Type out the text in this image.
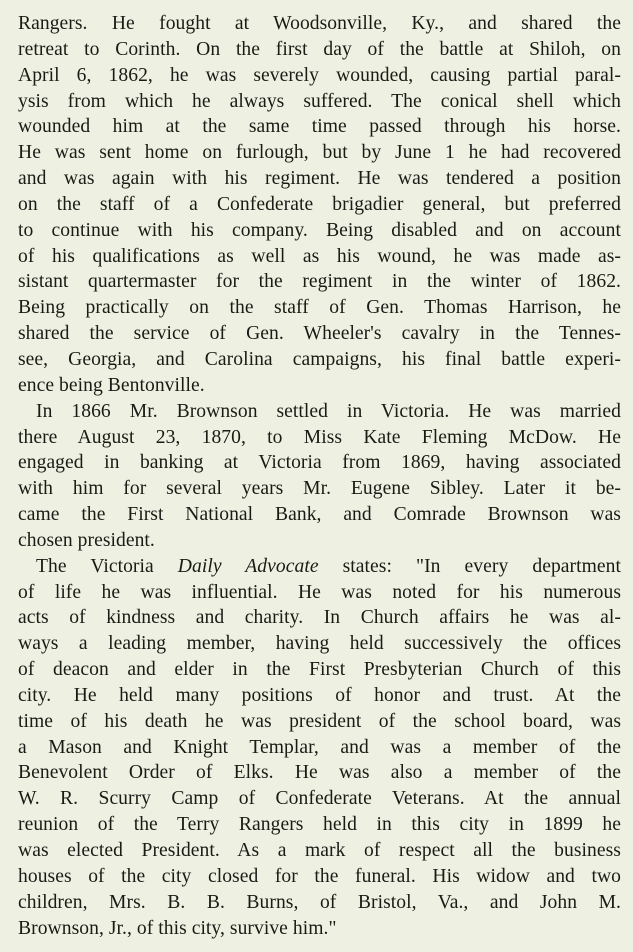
Rangers. He fought at Woodsonville, Ky., and shared the
retreat to Corinth. On the first day of the battle at Shiloh, on
April 6, 1862, he was severely wounded, causing partial paral-
ysis from which he always suffered. The conical shell which
wounded him at the same time passed through his horse.
He was sent home on furlough, but by June 1 he had recovered
and was again with his regiment. He was tendered a position
on the staff of a Confederate brigadier general, but preferred
to continue with his company. Being disabled and on account
of his qualifications as well as his wound, he was made as-
sistant quartermaster for the regiment in the winter of 1862.
Being practically on the staff of Gen. Thomas Harrison, he
shared the service of Gen. Wheeler's cavalry in the Tennes-
see, Georgia, and Carolina campaigns, his final battle experi-
ence being Bentonville.
In 1866 Mr. Brownson settled in Victoria. He was married
there August 23, 1870, to Miss Kate Fleming McDow. He
engaged in banking at Victoria from 1869, having associated
with him for several years Mr. Eugene Sibley. Later it be-
came the First National Bank, and Comrade Brownson was
chosen president.
The Victoria Daily Advocate states: "In every department
of life he was influential. He was noted for his numerous
acts of kindness and charity. In Church affairs he was al-
ways a leading member, having held successively the offices
of deacon and elder in the First Presbyterian Church of this
city. He held many positions of honor and trust. At the
time of his death he was president of the school board, was
a Mason and Knight Templar, and was a member of the
Benevolent Order of Elks. He was also a member of the
W. R. Scurry Camp of Confederate Veterans. At the annual
reunion of the Terry Rangers held in this city in 1899 he
was elected President. As a mark of respect all the business
houses of the city closed for the funeral. His widow and two
children, Mrs. B. B. Burns, of Bristol, Va., and John M.
Brownson, Jr., of this city, survive him."
